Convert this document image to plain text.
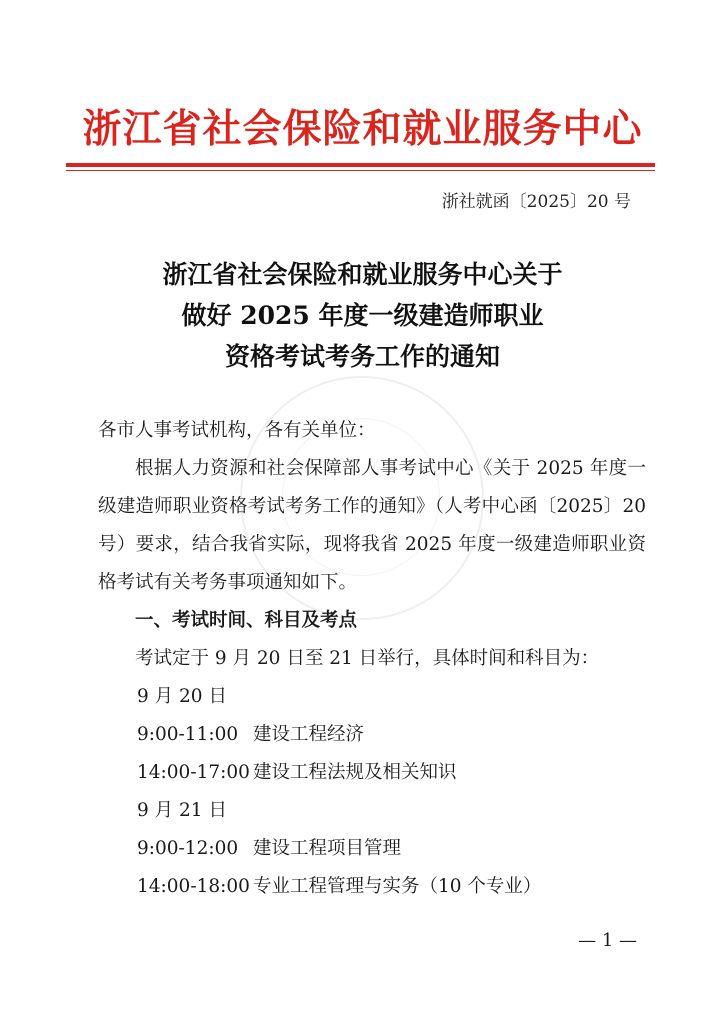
浙江省社会保险和就业服务中心
浙社就函〔2025〕20 号
浙江省社会保险和就业服务中心关于
做好 2025 年度一级建造师职业
资格考试考务工作的通知

各市人事考试机构，各有关单位：

根据人力资源和社会保障部人事考试中心《关于 2025 年度一级建造师职业资格考试考务工作的通知》（人考中心函〔2025〕20 号）要求，结合我省实际，现将我省 2025 年度一级建造师职业资格考试有关考务事项通知如下。

一、考试时间、科目及考点

考试定于 9 月 20 日至 21 日举行，具体时间和科目为：

9 月 20 日
9:00-11:00 建设工程经济
14:00-17:00 建设工程法规及相关知识
9 月 21 日
9:00-12:00 建设工程项目管理
14:00-18:00 专业工程管理与实务（10 个专业）
— 1 —
